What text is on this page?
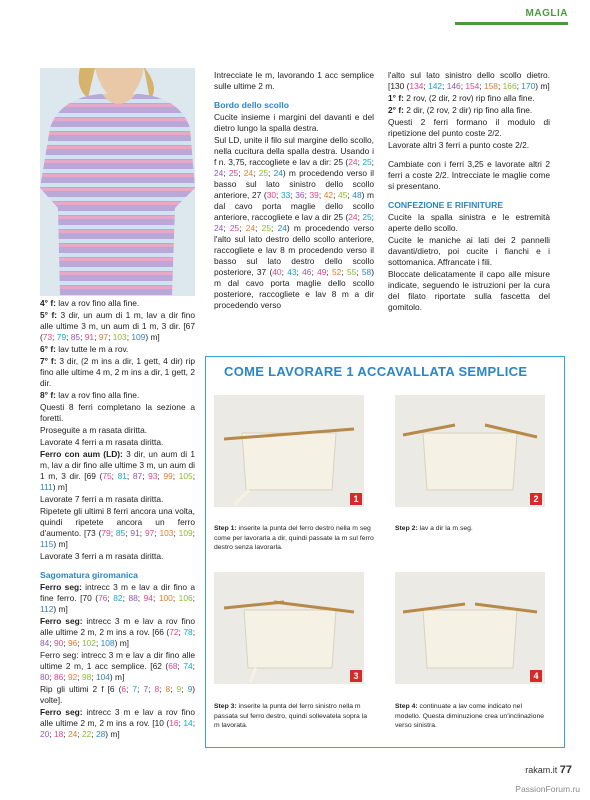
MAGLIA

4° f: lav a rov fino alla fine.

5° f: 3 dir, un aum di 1 m, lav a dir fino alle ultime 3 m, un aum di 1 m, 3 dir. [67 (73; 79; 85; 91; 97; 103; 109) m]

6° f: lav tutte le m a rov.

7° f: 3 dir, (2 m ins a dir, 1 gett, 4 dir) rip fino alle ultime 4 m, 2 m ins a dir, 1 gett, 2 dir.

8° f: lav a rov fino alla fine.

Questi 8 ferri completano la sezione a foretti.

Proseguite a m rasata diritta.

Lavorate 4 ferri a m rasata diritta.

Ferro con aum (LD): 3 dir, un aum di 1 m, lav a dir fino alle ultime 3 m, un aum di 1 m, 3 dir. [69 (75; 81; 87; 93; 99; 105; 111) m]

Lavorate 7 ferri a m rasata diritta.

Ripetete gli ultimi 8 ferri ancora una volta, quindi ripetete ancora un ferro d'aumento. [73 (79; 85; 91; 97; 103; 109; 115) m]

Lavorate 3 ferri a m rasata diritta.

Sagomatura giromanica

Ferro seg: intrecc 3 m e lav a dir fino a fine ferro. [70 (76; 82; 88; 94; 100; 106; 112) m]

Ferro seg: intrecc 3 m e lav a rov fino alle ultime 2 m, 2 m ins a rov. [66 (72; 78; 84; 90; 96; 102; 108) m]

Ferro seg: intrecc 3 m e lav a dir fino alle ultime 2 m, 1 acc semplice. [62 (68; 74; 80; 86; 92; 98; 104) m]

Rip gli ultimi 2 f [6 (6; 7; 7; 8; 8; 9; 9) volte].

Ferro seg: intrecc 3 m e lav a rov fino alle ultime 2 m, 2 m ins a rov. [10 (16; 14; 20; 18; 24; 22; 28) m]

Intrecciate le m, lavorando 1 acc semplice sulle ultime 2 m.

Bordo dello scollo

Cucite insieme i margini del davanti e del dietro lungo la spalla destra.

Sul LD, unite il filo sul margine dello scollo, nella cucitura della spalla destra. Usando i f n. 3,75, raccogliete e lav a dir: 25 (24; 25; 24; 25; 24; 25; 24) m procedendo verso il basso sul lato sinistro dello scollo anteriore, 27 (30; 33; 36; 39; 42; 45; 48) m dal cavo porta maglie dello scollo anteriore, raccogliete e lav a dir 25 (24; 25; 24; 25; 24; 25; 24) m procedendo verso l'alto sul lato destro dello scollo anteriore, raccogliete e lav 8 m procedendo verso il basso sul lato destro dello scollo posteriore, 37 (40; 43; 46; 49; 52; 55; 58) m dal cavo porta maglie dello scollo posteriore, raccogliete e lav 8 m a dir procedendo verso

l'alto sul lato sinistro dello scollo dietro. [130 (134; 142; 146; 154; 158; 166; 170) m]

1° f: 2 rov, (2 dir, 2 rov) rip fino alla fine.

2° f: 2 dir, (2 rov, 2 dir) rip fino alla fine.

Questi 2 ferri formano il modulo di ripetizione del punto coste 2/2.

Lavorate altri 3 ferri a punto coste 2/2.

Cambiate con i ferri 3,25 e lavorate altri 2 ferri a coste 2/2. Intrecciate le maglie come si presentano.

CONFEZIONE E RIFINITURE

Cucite la spalla sinistra e le estremità aperte dello scollo.

Cucite le maniche ai lati dei 2 pannelli davanti/dietro, poi cucite i fianchi e i sottomanica. Affrancate i fili.

Bloccate delicatamente il capo alle misure indicate, seguendo le istruzioni per la cura del filato riportate sulla fascetta del gomitolo.

COME LAVORARE 1 ACCAVALLATA SEMPLICE
1	2
Step 1: inserite la punta del ferro destro nella m seg come per lavorarla a dir, quindi passate la m sul ferro destro senza lavorarla.
Step 2: lav a dir la m seg.
3	4
Step 3: inserite la punta del ferro sinistro nella m passata sul ferro destro, quindi sollevatela sopra la m lavorata.
Step 4: continuate a lav come indicato nel modello. Questa diminuzione crea un'inclinazione verso sinistra.
rakam.it 77
PassionForum.ru
